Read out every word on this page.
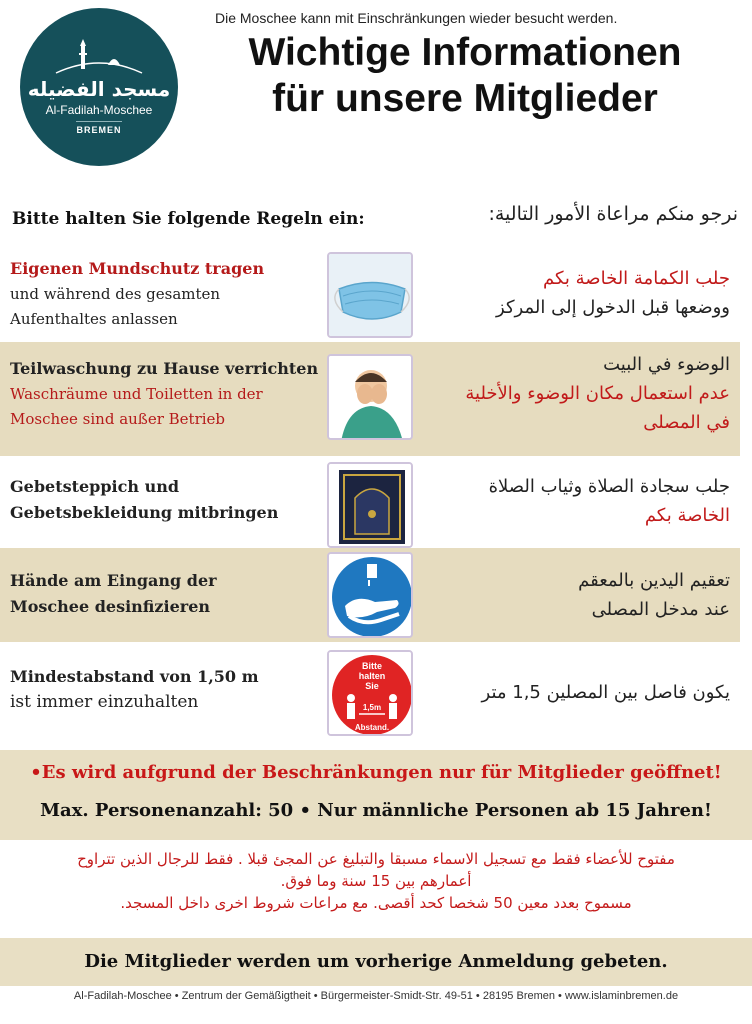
مسجد الفضيله
Al-Fadilah-Moschee
BREMEN
Die Moschee kann mit Einschränkungen wieder besucht werden.
Wichtige Informationen
für unsere Mitglieder
Bitte halten Sie folgende Regeln ein:	نرجو منكم مراعاة الأمور التالية:
Eigenen Mundschutz tragen
und während des gesamten
Aufenthaltes anlassen
جلب الكمامة الخاصة بكم
ووضعها قبل الدخول إلى المركز
Teilwaschung zu Hause verrichten
Waschräume und Toiletten in der
Moschee sind außer Betrieb
الوضوء في البيت
عدم استعمال مكان الوضوء والأخلية
في المصلى
Gebetsteppich und
Gebetsbekleidung mitbringen
جلب سجادة الصلاة وثياب الصلاة
الخاصة بكم
Hände am Eingang der
Moschee desinfizieren
تعقيم اليدين بالمعقم
عند مدخل المصلى
Mindestabstand von 1,50 m
ist immer einzuhalten
Bitte
halten
Sie
1,5m
Abstand.
يكون فاصل بين المصلين 1,5 متر
•Es wird aufgrund der Beschränkungen nur für Mitglieder geöffnet!
Max. Personenanzahl: 50 • Nur männliche Personen ab 15 Jahren!
مفتوح للأعضاء فقط مع تسجيل الاسماء مسبقا والتبليغ عن المجئ قبلا . فقط للرجال الذين تتراوح
أعمارهم بين 15 سنة وما فوق.
مسموح بعدد معين 50 شخصا كحد أقصى. مع مراعات شروط اخرى داخل المسجد.
Die Mitglieder werden um vorherige Anmeldung gebeten.
Al-Fadilah-Moschee • Zentrum der Gemäßigtheit • Bürgermeister-Smidt-Str. 49-51 • 28195 Bremen • www.islaminbremen.de
